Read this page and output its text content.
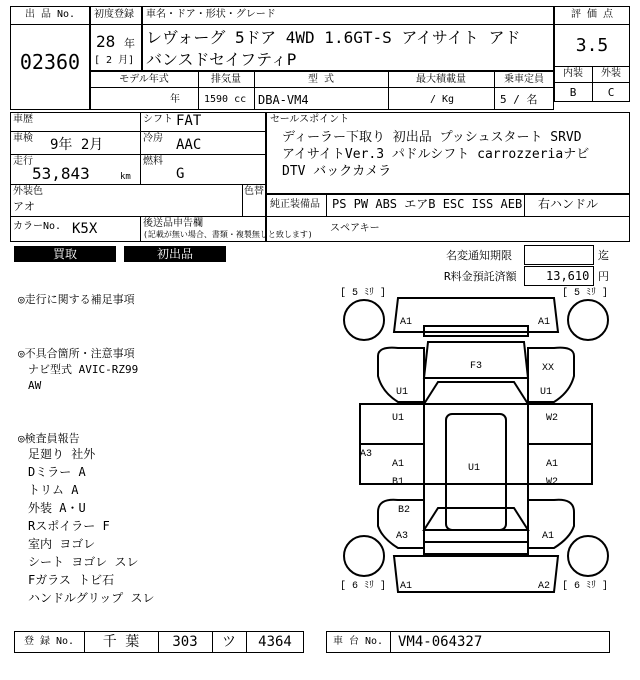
出 品 No.
02360
初度登録
28 年
[ 2 月]
車名・ドア・形状・グレード
レヴォーグ 5ドア 4WD 1.6GT-S アイサイト アド
バンスドセイフティP
評 価 点
3.5
内装	外装
B	C
モデル年式
年
排気量
1590 cc
型 式
DBA-VM4
最大積載量
/ Kg
乗車定員
5 / 名
車歴	シフト FAT
車検 9年 2月	冷房 AAC
走行
53,843	km
燃料
G
外装色
アオ
色替
カラーNo. K5X	後送品申告欄
(記載が無い場合、書類・複製無しと致します)
セールスポイント
ディーラー下取り 初出品 プッシュスタート SRVD
アイサイトVer.3 パドルシフト carrozzeriaナビ
DTV バックカメラ
純正装備品 PS PW ABS エアB ESC ISS AEB 右ハンドル
スペアキー
買取	初出品	名変通知期限	迄
R料金預託済額 13,610 円
◎走行に関する補足事項
◎不具合箇所・注意事項
ナビ型式 AVIC-RZ99
AW
◎検査員報告
足廻り 社外
Dミラー A
トリム A
外装 A・U
Rスポイラー F
室内 ヨゴレ
シート ヨゴレ スレ
Fガラス トビ石
ハンドルグリップ スレ
[ 5 ﾐﾘ ]	[ 5 ﾐﾘ ]
[ 6 ﾐﾘ ]	[ 6 ﾐﾘ ]
A1	A1
F3	XX
U1	U1
U1	W2
A3
A1	U1	A1
B1	W2
B2
A3	A1
A1	A2
登 録 No.	千 葉	303	ツ	4364	車 台 No.	VM4-064327
